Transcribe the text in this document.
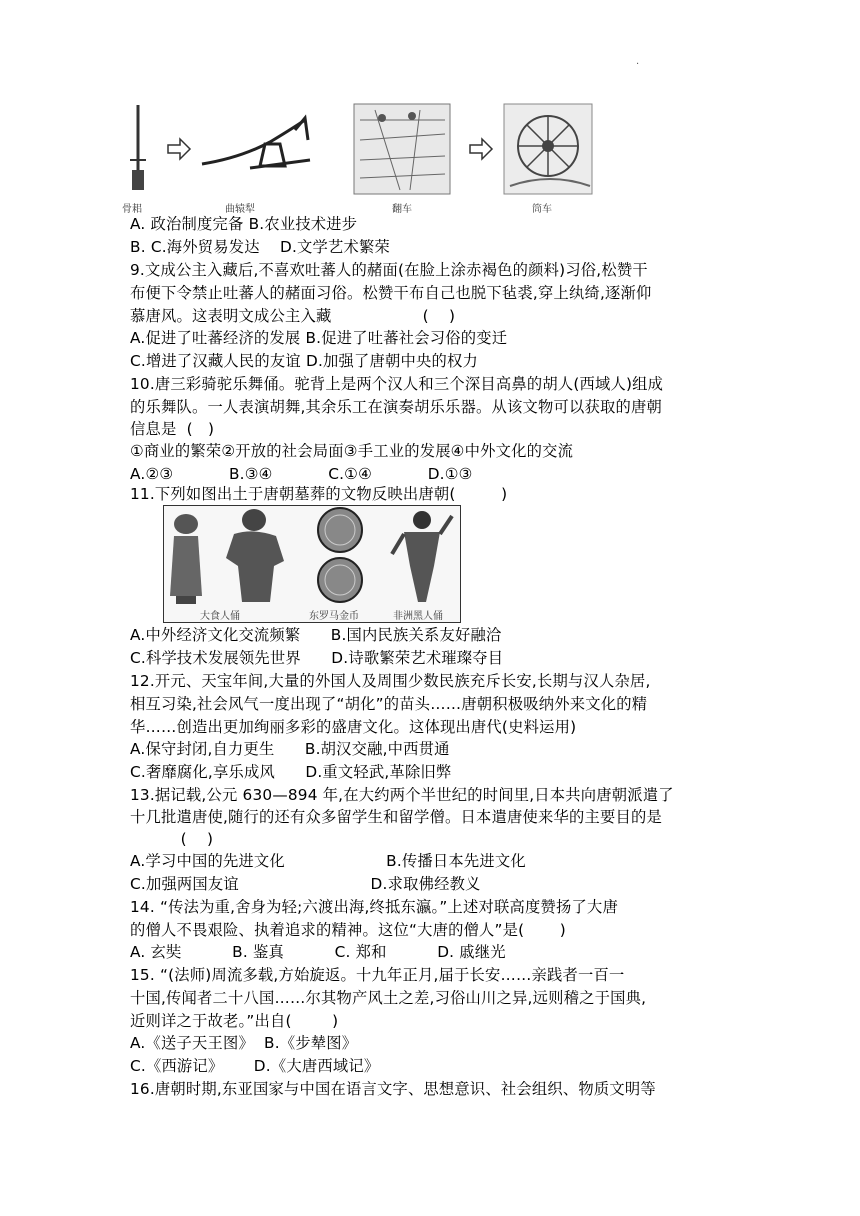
.
骨耜	曲辕犁	翻车	筒车
A. 政治制度完备 B.农业技术进步
B. C.海外贸易发达    D.文学艺术繁荣
9.文成公主入藏后,不喜欢吐蕃人的赭面(在脸上涂赤褐色的颜料)习俗,松赞干
布便下令禁止吐蕃人的赭面习俗。松赞干布自己也脱下毡裘,穿上纨绮,逐渐仰
慕唐风。这表明文成公主入藏                  (    )
A.促进了吐蕃经济的发展 B.促进了吐蕃社会习俗的变迁
C.增进了汉藏人民的友谊 D.加强了唐朝中央的权力
10.唐三彩骑驼乐舞俑。驼背上是两个汉人和三个深目高鼻的胡人(西域人)组成
的乐舞队。一人表演胡舞,其余乐工在演奏胡乐乐器。从该文物可以获取的唐朝
信息是  (   )
①商业的繁荣②开放的社会局面③手工业的发展④中外文化的交流
A.②③           B.③④           C.①④           D.①③
11.下列如图出土于唐朝墓葬的文物反映出唐朝(         )
大食人俑	东罗马金币	非洲黑人俑
A.中外经济文化交流频繁      B.国内民族关系友好融洽
C.科学技术发展领先世界      D.诗歌繁荣艺术璀璨夺目
12.开元、天宝年间,大量的外国人及周围少数民族充斥长安,长期与汉人杂居,
相互习染,社会风气一度出现了“胡化”的苗头……唐朝积极吸纳外来文化的精
华……创造出更加绚丽多彩的盛唐文化。这体现出唐代(史料运用)
A.保守封闭,自力更生      B.胡汉交融,中西贯通
C.奢靡腐化,享乐成风      D.重文轻武,革除旧弊
13.据记载,公元 630—894 年,在大约两个半世纪的时间里,日本共向唐朝派遣了
十几批遣唐使,随行的还有众多留学生和留学僧。日本遣唐使来华的主要目的是
(    )
A.学习中国的先进文化                    B.传播日本先进文化
C.加强两国友谊                          D.求取佛经教义
14. “传法为重,舍身为轻;六渡出海,终抵东瀛。”上述对联高度赞扬了大唐
的僧人不畏艰险、执着追求的精神。这位“大唐的僧人”是(       )
A. 玄奘          B. 鉴真          C. 郑和          D. 戚继光
15. “(法师)周流多载,方始旋返。十九年正月,届于长安……亲践者一百一
十国,传闻者二十八国……尔其物产风土之差,习俗山川之异,远则稽之于国典,
近则详之于故老。”出自(        )
A.《送子天王图》  B.《步辇图》
C.《西游记》      D.《大唐西域记》
16.唐朝时期,东亚国家与中国在语言文字、思想意识、社会组织、物质文明等
